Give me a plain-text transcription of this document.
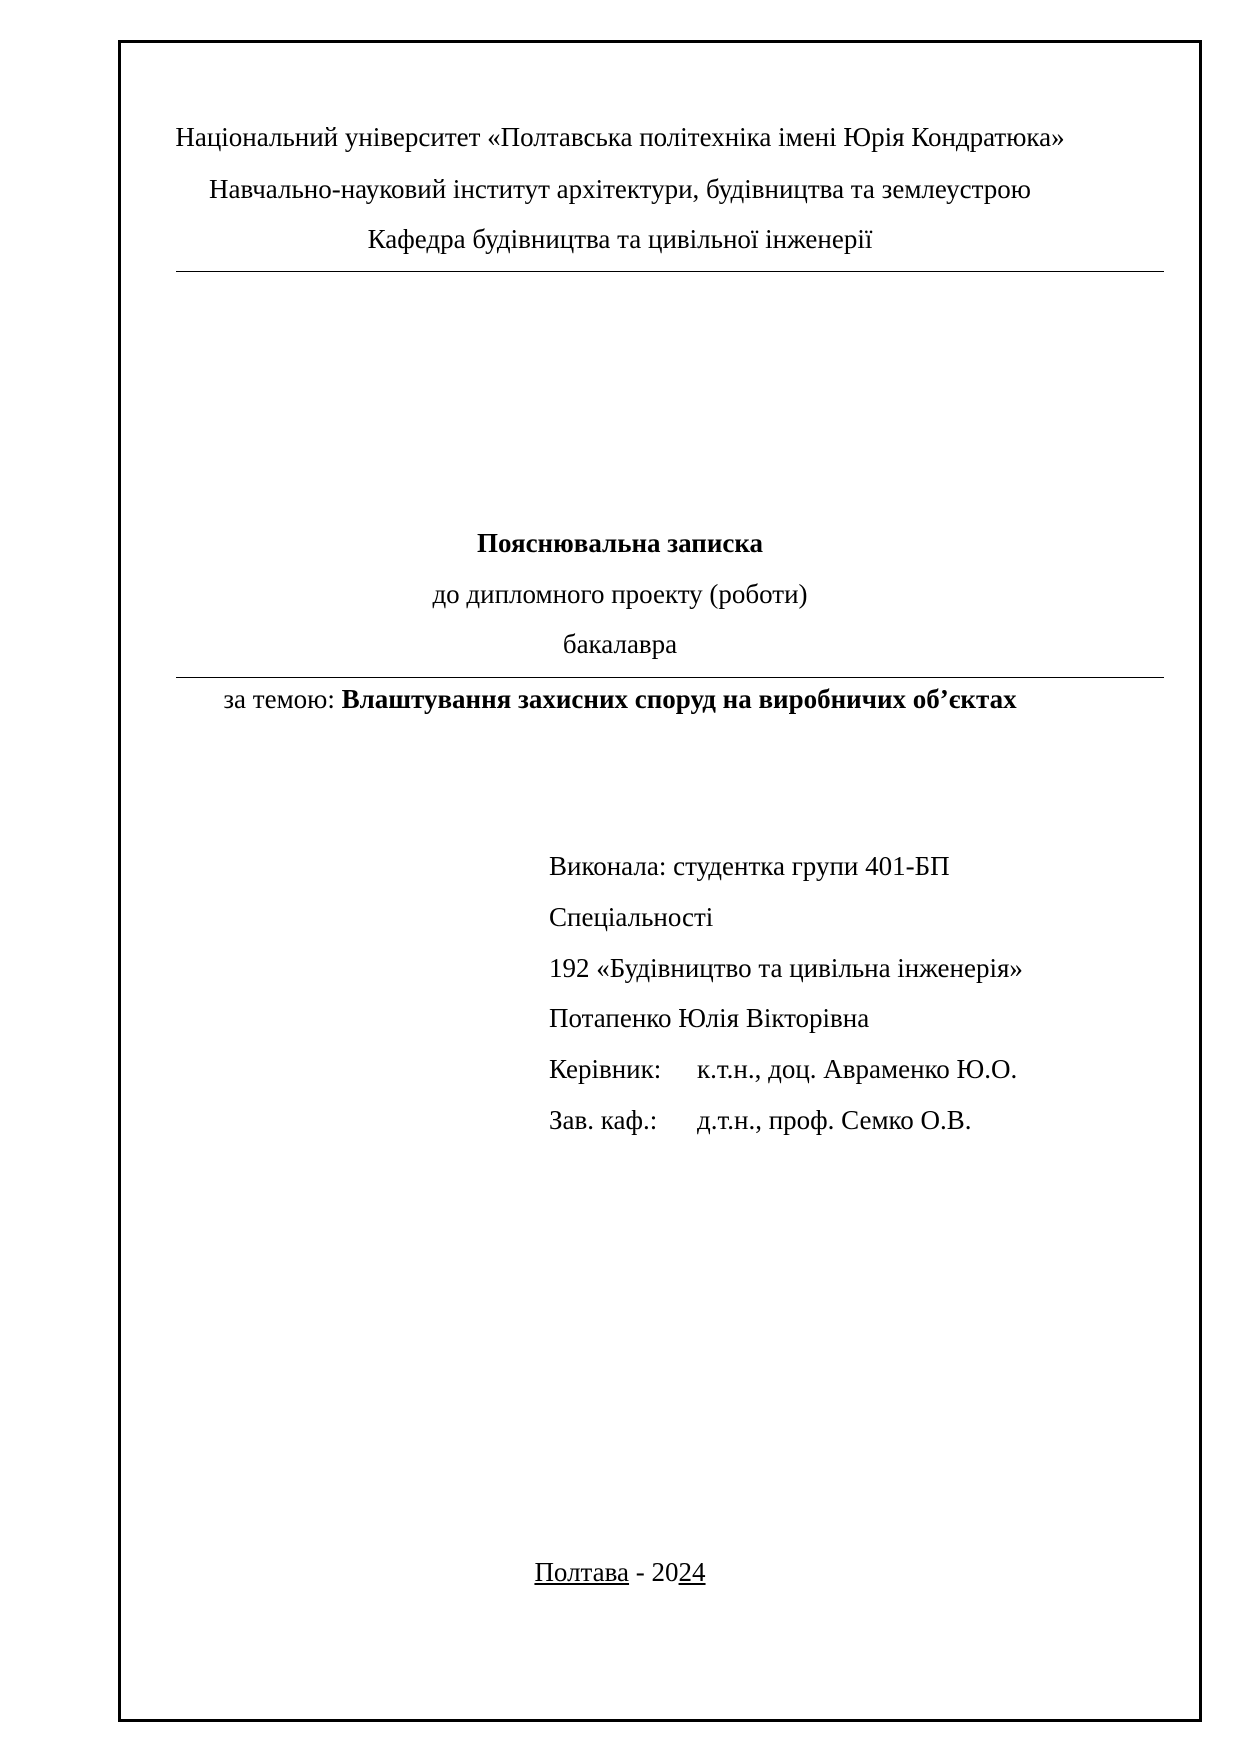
Національний університет «Полтавська політехніка імені Юрія Кондратюка»
Навчально-науковий інститут архітектури, будівництва та землеустрою
Кафедра будівництва та цивільної інженерії
Пояснювальна записка
до дипломного проекту (роботи)
бакалавра
за темою: Влаштування захисних споруд на виробничих об’єктах
Виконала: студентка групи 401-БП
Спеціальності
192 «Будівництво та цивільна інженерія»
Потапенко Юлія Вікторівна
Керівник: к.т.н., доц. Авраменко Ю.О.
Зав. каф.: д.т.н., проф. Семко О.В.
Полтава - 2024
